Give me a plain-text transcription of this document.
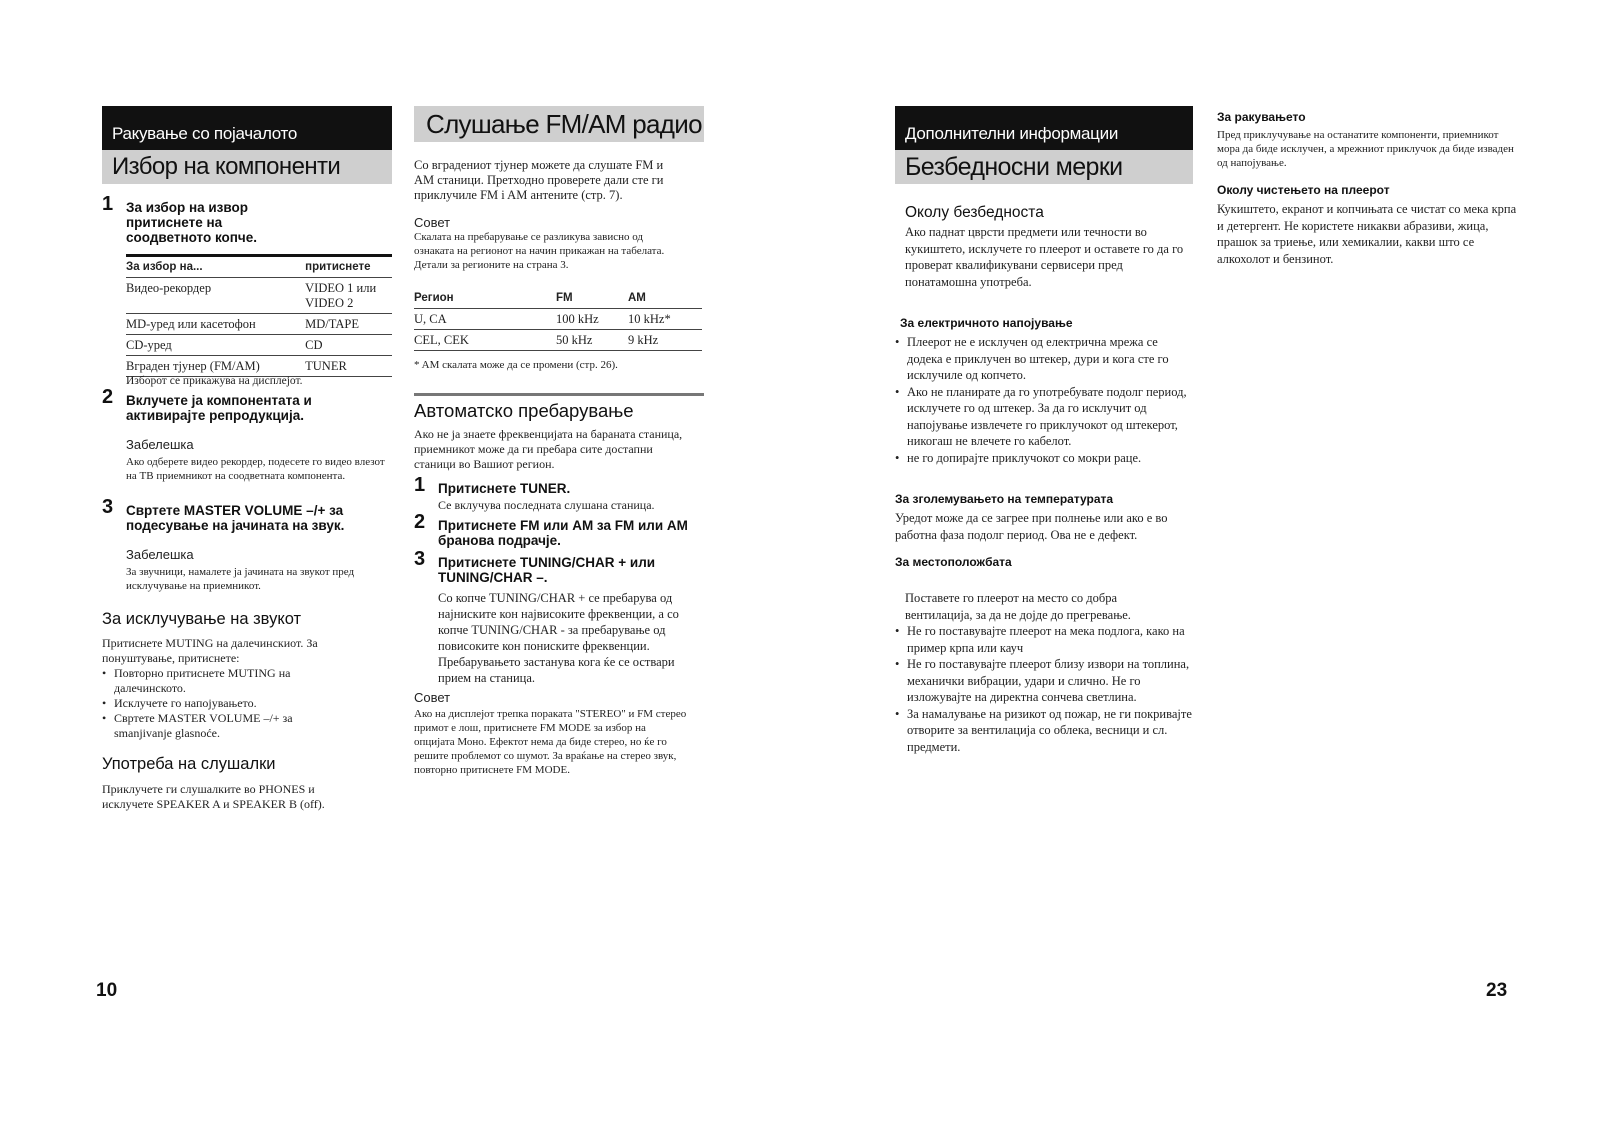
Ракување со појачалото
Избор на компоненти
1 За избор на извор притиснете на соодветното копче.
За избор на...	притиснете
Видео-рекордер	VIDEO 1 или VIDEO 2
MD-уред или касетофон	MD/TAPE
CD-уред	CD
Вграден тјунер (FM/AM)	TUNER
Изборот се прикажува на дисплејот.
2 Вклучете ја компонентата и активирајте репродукција.
Забелешка
Ако одберете видео рекордер, подесете го видео влезот на ТВ приемникот на соодветната компонента.
3 Свртете MASTER VOLUME –/+ за подесување на јачината на звук.
Забелешка
За звучници, намалете ја јачината на звукот пред исклучување на приемникот.
За исклучување на звукот
Притиснете MUTING на далечинскиот. За понуштување, притиснете:
• Повторно притиснете MUTING на далечинското.
• Исклучете го напојувањето.
• Свртете MASTER VOLUME –/+ за smanjivanje glasnoće.
Употреба на слушалки
Приклучете ги слушалките во PHONES и исклучете SPEAKER A и SPEAKER B (off).
10
Слушање FM/AM радио
Со вградениот тјунер можете да слушате FM и AM станици. Претходно проверете дали сте ги приклучиле FM i AM антените (стр. 7).
Совет
Скалата на пребарување се разликува зависно од ознаката на регионот на начин прикажан на табелата. Детали за регионите на страна 3.
Регион	FM	AM
U, CA	100 kHz	10 kHz*
CEL, CEK	50 kHz	9 kHz
* AM скалата може да се промени (стр. 26).
Автоматско пребарување
Ако не ја знаете фреквенцијата на бараната станица, приемникот може да ги пребара сите достапни станици во Вашиот регион.
1 Притиснете TUNER.
Се вклучува последната слушана станица.
2 Притиснете FM или AM за FM или AM бранова подрачје.
3 Притиснете TUNING/CHAR + или TUNING/CHAR –.
Со копче TUNING/CHAR + се пребарува од најниските кон највисоките фреквенции, а со копче TUNING/CHAR - за пребарување од повисоките кон пониските фреквенции. Пребарувањето застанува кога ќе се оствари прием на станица.
Совет
Ако на дисплејот трепка пораката "STEREO" и FM стерео примот е лош, притиснете FM MODE за избор на опцијата Моно. Ефектот нема да биде стерео, но ќе го решите проблемот со шумот. За враќање на стерео звук, повторно притиснете FM MODE.
Дополнителни информации
Безбедносни мерки
Околу безбедноста
Ако паднат цврсти предмети или течности во кукиштето, исклучете го плеерот и оставете го да го проверат квалификувани сервисери пред понатамошна употреба.
За електричното напојување
• Плеерот не е исклучен од електрична мрежа се додека е приклучен во штекер, дури и кога сте го исклучиле од копчето.
• Ако не планирате да го употребувате подолг период, исклучете го од штекер. За да го исклучит од напојување извлечете го приклучокот од штекерот, никогаш не влечете го кабелот.
• не го допирајте приклучокот со мокри раце.
За зголемувањето на температурата
Уредот може да се загрее при полнење или ако е во работна фаза подолг период. Ова не е дефект.
За местоположбата
Поставете го плеерот на место со добра вентилација, за да не дојде до прегревање.
• Не го поставувајте плеерот на мека подлога, како на пример крпа или кауч
• Не го поставувајте плеерот близу извори на топлина, механички вибрации, удари и слично. Не го изложувајте на директна сончева светлина.
• За намалување на ризикот од пожар, не ги покривајте отворите за вентилација со облека, весници и сл. предмети.
За ракувањето
Пред приклучување на останатите компоненти, приемникот мора да биде исклучен, а мрежниот приклучок да биде изваден од напојување.
Околу чистењето на плеерот
Кукиштето, екранот и копчињата се чистат со мека крпа и детергент. Не користете никакви абразиви, жица, прашок за триење, или хемикалии, какви што се алкохолот и бензинот.
23
